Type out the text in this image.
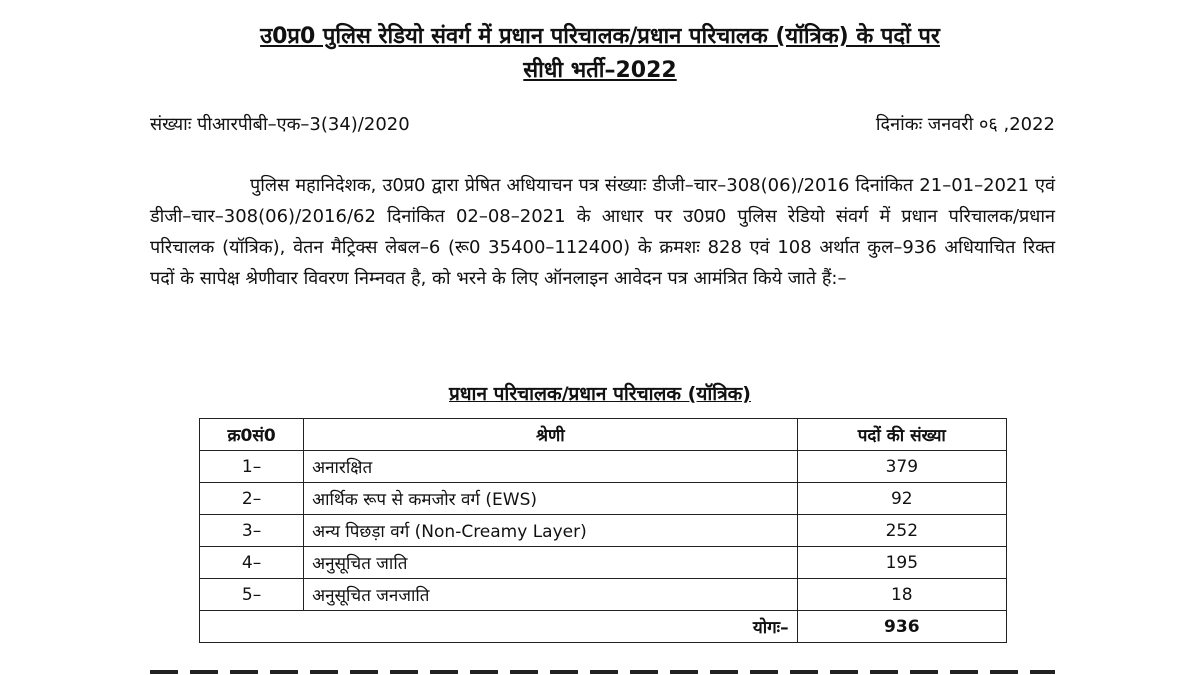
उ0प्र0 पुलिस रेडियो संवर्ग में प्रधान परिचालक/प्रधान परिचालक (यॉत्रिक) के पदों पर
सीधी भर्ती–2022
संख्याः पीआरपीबी–एक–3(34)/2020	दिनांकः जनवरी ०६ ,2022

पुलिस महानिदेशक, उ0प्र0 द्वारा प्रेषित अधियाचन पत्र संख्याः डीजी–चार–308(06)/2016 दिनांकित 21–01–2021 एवं डीजी–चार–308(06)/2016/62 दिनांकित 02–08–2021 के आधार पर उ0प्र0 पुलिस रेडियो संवर्ग में प्रधान परिचालक/प्रधान परिचालक (यॉत्रिक), वेतन मैट्रिक्स लेबल–6 (रू0 35400–112400) के क्रमशः 828 एवं 108 अर्थात कुल–936 अधियाचित रिक्त पदों के सापेक्ष श्रेणीवार विवरण निम्नवत है, को भरने के लिए ऑनलाइन आवेदन पत्र आमंत्रित किये जाते हैं:–

प्रधान परिचालक/प्रधान परिचालक (यॉत्रिक)
क्र0सं0	श्रेणी	पदों की संख्या
1–	अनारक्षित	379
2–	आर्थिक रूप से कमजोर वर्ग (EWS)	92
3–	अन्य पिछड़ा वर्ग (Non-Creamy Layer)	252
4–	अनुसूचित जाति	195
5–	अनुसूचित जनजाति	18
योगः–		936
